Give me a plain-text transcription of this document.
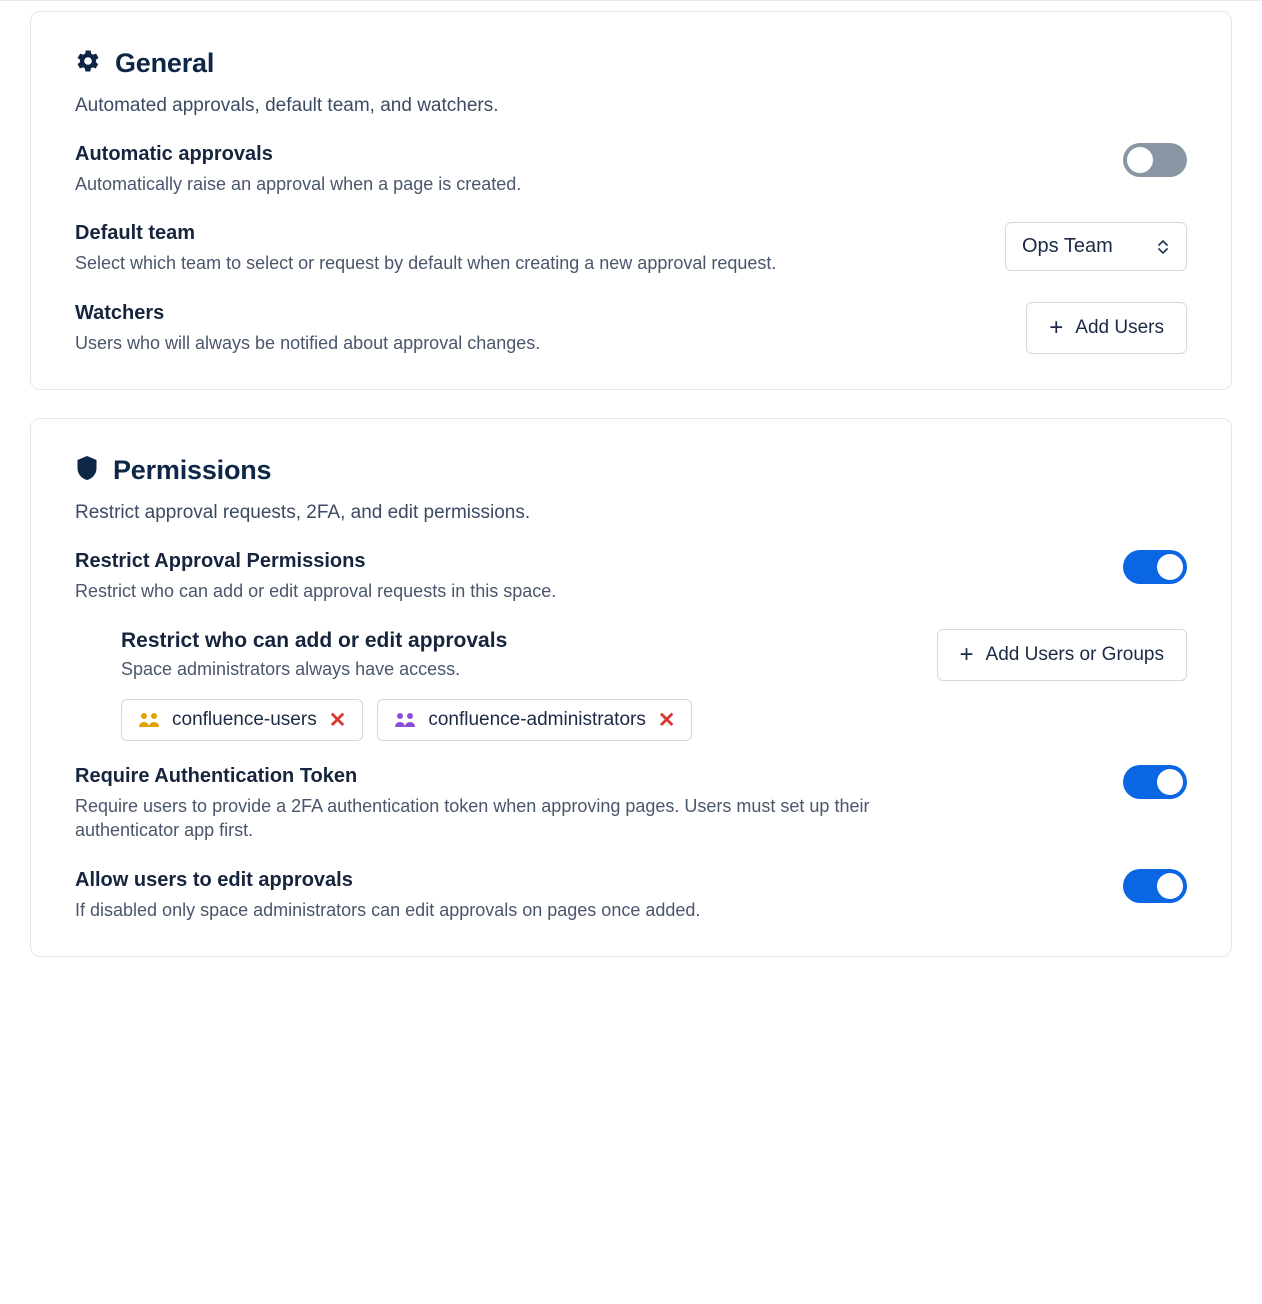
General
Automated approvals, default team, and watchers.
Automatic approvals
Automatically raise an approval when a page is created.
Default team
Select which team to select or request by default when creating a new approval request.
Ops Team
Watchers
Users who will always be notified about approval changes.
+ Add Users
Permissions
Restrict approval requests, 2FA, and edit permissions.
Restrict Approval Permissions
Restrict who can add or edit approval requests in this space.
Restrict who can add or edit approvals
Space administrators always have access.
+ Add Users or Groups
confluence-users ✕	confluence-administrators ✕
Require Authentication Token
Require users to provide a 2FA authentication token when approving pages. Users must set up their authenticator app first.
Allow users to edit approvals
If disabled only space administrators can edit approvals on pages once added.
